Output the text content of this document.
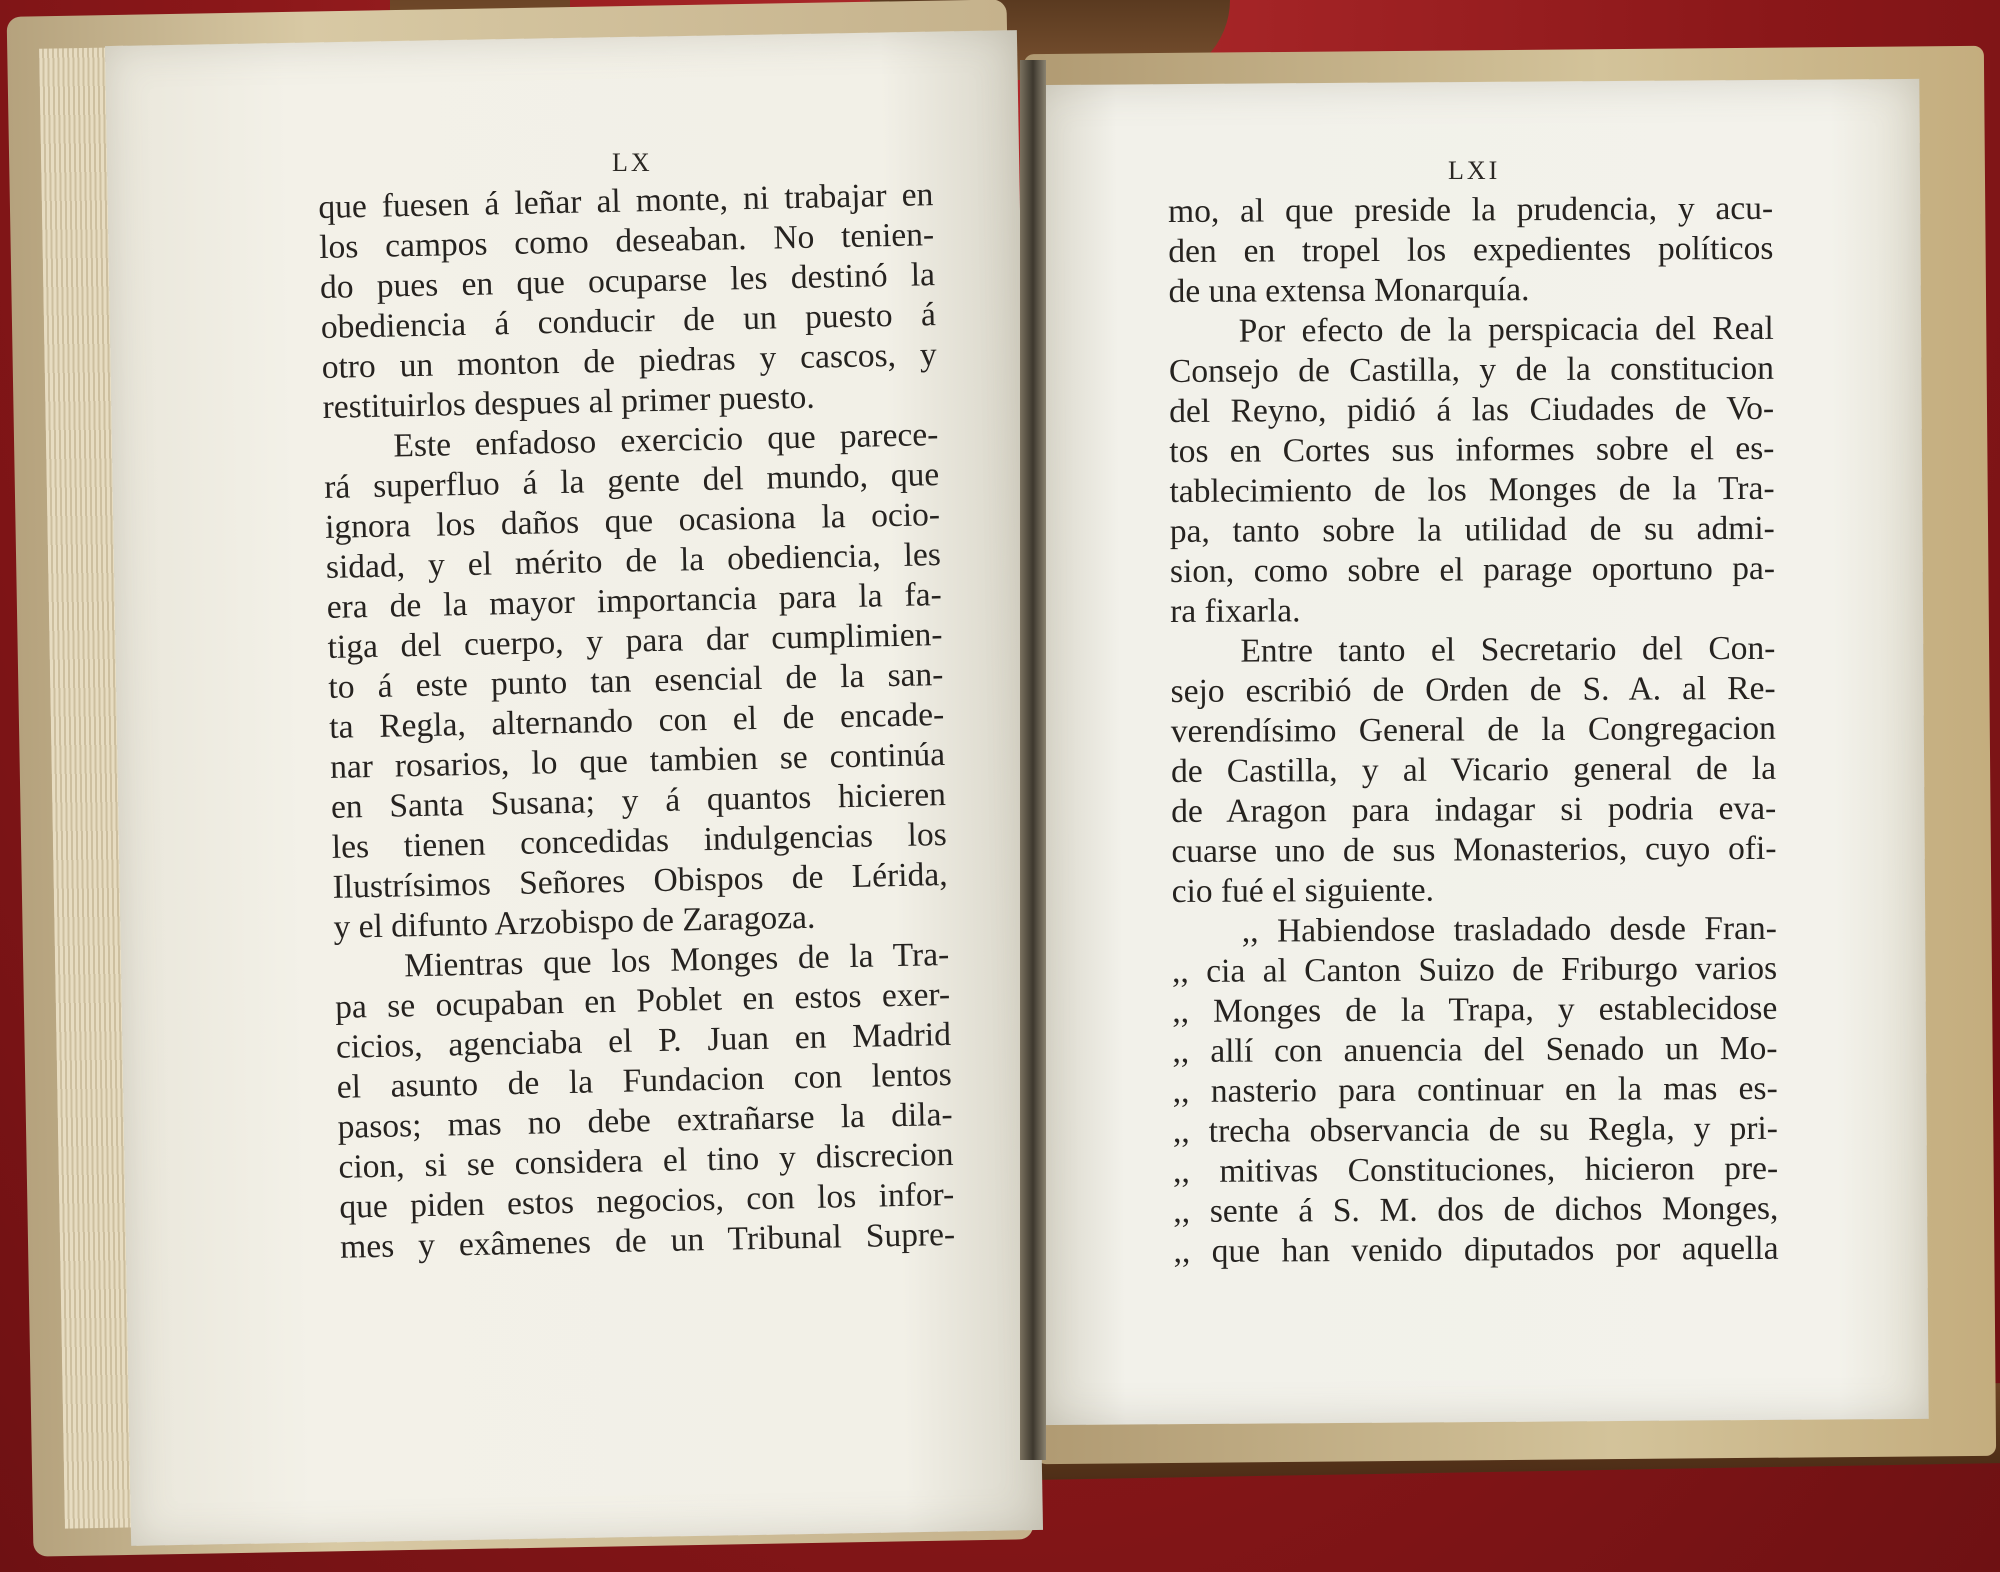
LX	LXI
que fuesen á leñar al monte, ni trabajar en
los campos como deseaban. No tenien-
do pues en que ocuparse les destinó la
obediencia á conducir de un puesto á
otro un monton de piedras y cascos, y
restituirlos despues al primer puesto.
Este enfadoso exercicio que parece-
rá superfluo á la gente del mundo, que
ignora los daños que ocasiona la ocio-
sidad, y el mérito de la obediencia, les
era de la mayor importancia para la fa-
tiga del cuerpo, y para dar cumplimien-
to á este punto tan esencial de la san-
ta Regla, alternando con el de encade-
nar rosarios, lo que tambien se continúa
en Santa Susana; y á quantos hicieren
les tienen concedidas indulgencias los
Ilustrísimos Señores Obispos de Lérida,
y el difunto Arzobispo de Zaragoza.
Mientras que los Monges de la Tra-
pa se ocupaban en Poblet en estos exer-
cicios, agenciaba el P. Juan en Madrid
el asunto de la Fundacion con lentos
pasos; mas no debe extrañarse la dila-
cion, si se considera el tino y discrecion
que piden estos negocios, con los infor-
mes y exâmenes de un Tribunal Supre-
mo, al que preside la prudencia, y acu-
den en tropel los expedientes políticos
de una extensa Monarquía.
Por efecto de la perspicacia del Real
Consejo de Castilla, y de la constitucion
del Reyno, pidió á las Ciudades de Vo-
tos en Cortes sus informes sobre el es-
tablecimiento de los Monges de la Tra-
pa, tanto sobre la utilidad de su admi-
sion, como sobre el parage oportuno pa-
ra fixarla.
Entre tanto el Secretario del Con-
sejo escribió de Orden de S. A. al Re-
verendísimo General de la Congregacion
de Castilla, y al Vicario general de la
de Aragon para indagar si podria eva-
cuarse uno de sus Monasterios, cuyo ofi-
cio fué el siguiente.
,, Habiendose trasladado desde Fran-
,, cia al Canton Suizo de Friburgo varios
,, Monges de la Trapa, y establecidose
,, allí con anuencia del Senado un Mo-
,, nasterio para continuar en la mas es-
,, trecha observancia de su Regla, y pri-
,, mitivas Constituciones, hicieron pre-
,, sente á S. M. dos de dichos Monges,
,, que han venido diputados por aquella
